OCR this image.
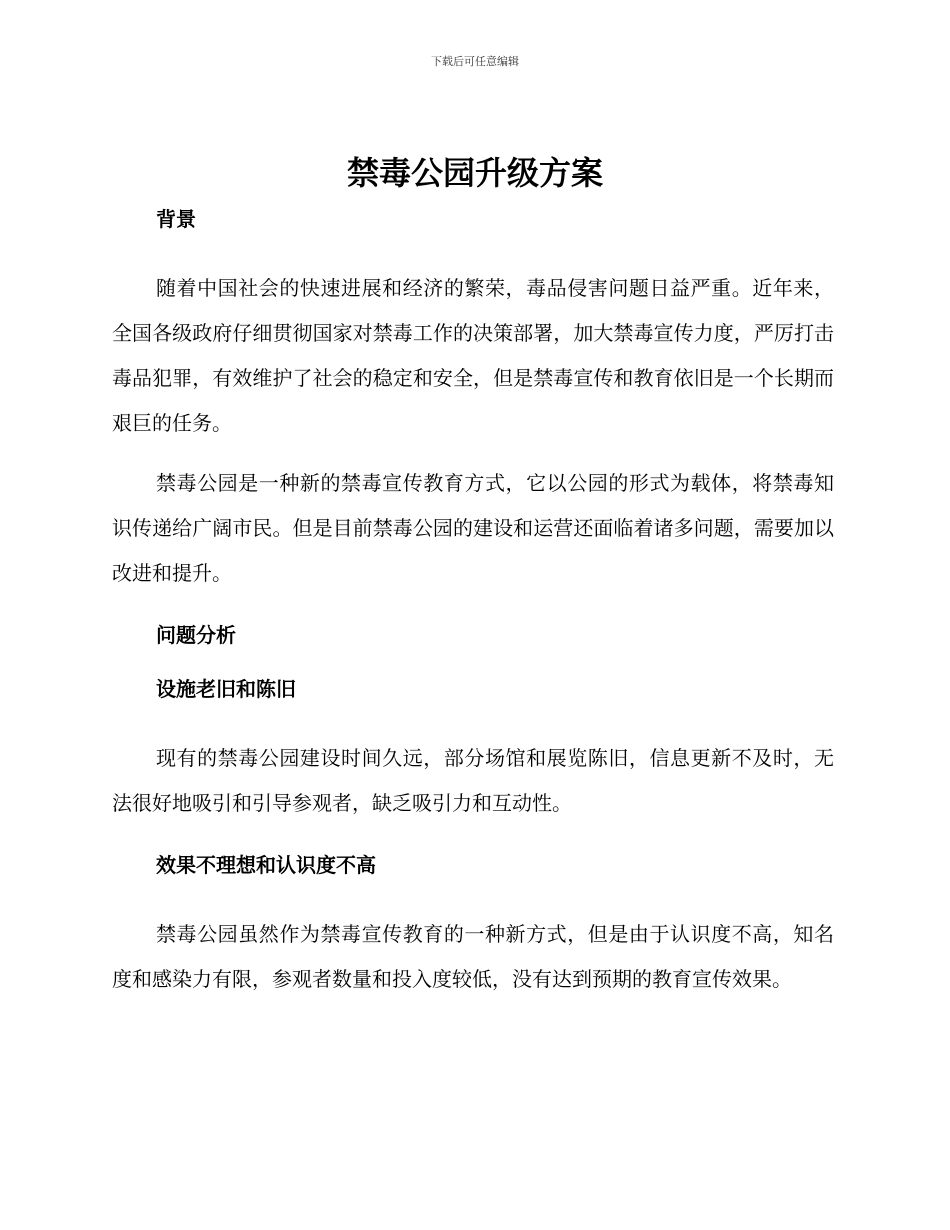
下载后可任意编辑
禁毒公园升级方案
背景

随着中国社会的快速进展和经济的繁荣，毒品侵害问题日益严重。近年来，全国各级政府仔细贯彻国家对禁毒工作的决策部署，加大禁毒宣传力度，严厉打击毒品犯罪，有效维护了社会的稳定和安全，但是禁毒宣传和教育依旧是一个长期而艰巨的任务。

禁毒公园是一种新的禁毒宣传教育方式，它以公园的形式为载体，将禁毒知识传递给广阔市民。但是目前禁毒公园的建设和运营还面临着诸多问题，需要加以改进和提升。

问题分析
设施老旧和陈旧

现有的禁毒公园建设时间久远，部分场馆和展览陈旧，信息更新不及时，无法很好地吸引和引导参观者，缺乏吸引力和互动性。

效果不理想和认识度不高

禁毒公园虽然作为禁毒宣传教育的一种新方式，但是由于认识度不高，知名度和感染力有限，参观者数量和投入度较低，没有达到预期的教育宣传效果。
